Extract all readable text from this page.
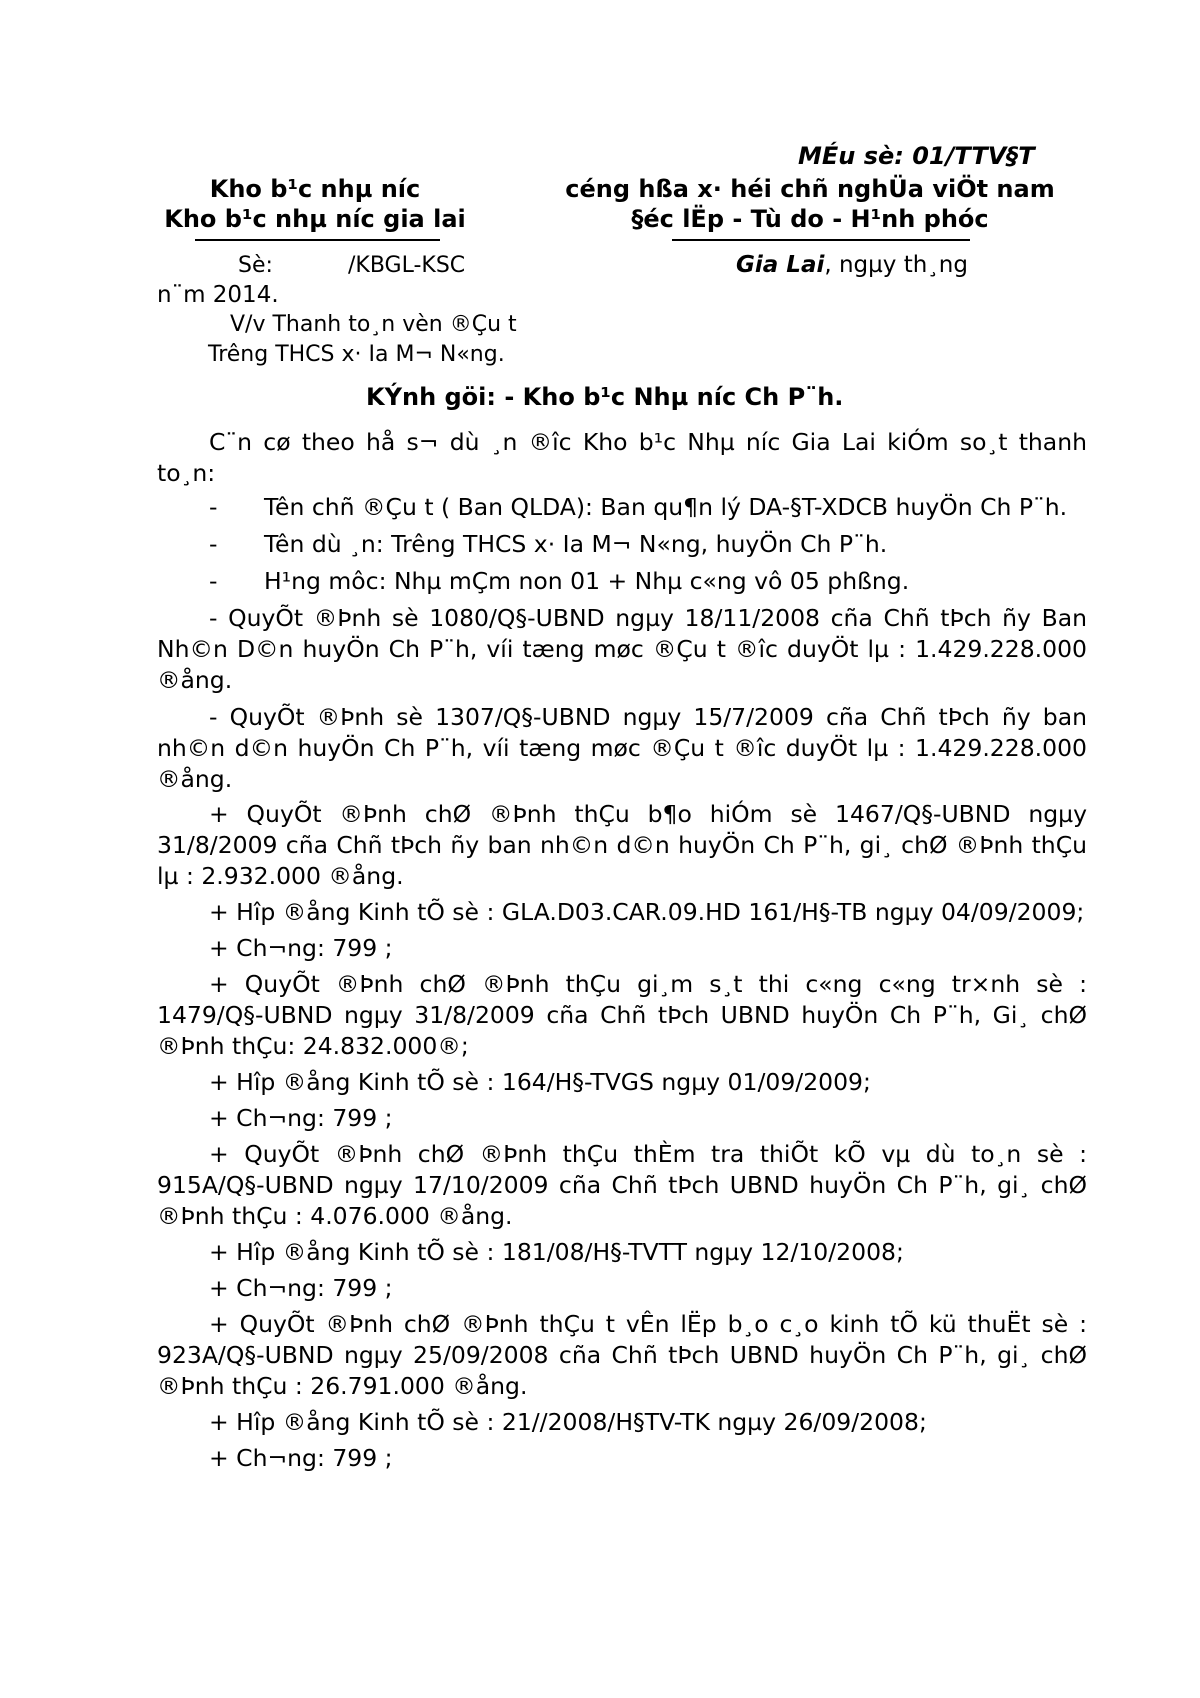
MÉu sè: 01/TTV§T
Kho b¹c nhµ níc
Kho b¹c nhµ níc gia lai
céng hßa x· héi chñ nghÜa viÖt nam
§éc lËp - Tù do - H¹nh phóc
Sè:	/KBGL-KSC	Gia Lai, ngµy th¸ng
n¨m 2014.
V/v Thanh to¸n vèn ®Çu t
Trêng THCS x· Ia M¬ N«ng.
KÝnh göi: - Kho b¹c Nhµ níc Ch P¨h.

C¨n cø theo hå s¬ dù ¸n ®îc Kho b¹c Nhµ níc Gia Lai kiÓm so¸t thanh to¸n:

-	Tên chñ ®Çu t ( Ban QLDA): Ban qu¶n lý DA-§T-XDCB huyÖn Ch P¨h.
-	Tên dù ¸n: Trêng THCS x· Ia M¬ N«ng, huyÖn Ch P¨h.
-	H¹ng môc: Nhµ mÇm non 01 + Nhµ c«ng vô 05 phßng.

- QuyÕt ®Þnh sè 1080/Q§-UBND ngµy 18/11/2008 cña Chñ tÞch ñy Ban Nh©n D©n huyÖn Ch P¨h, víi tæng møc ®Çu t ®îc duyÖt lµ : 1.429.228.000 ®ång.

- QuyÕt ®Þnh sè 1307/Q§-UBND ngµy 15/7/2009 cña Chñ tÞch ñy ban nh©n d©n huyÖn Ch P¨h, víi tæng møc ®Çu t ®îc duyÖt lµ : 1.429.228.000 ®ång.

+ QuyÕt ®Þnh chØ ®Þnh thÇu b¶o hiÓm sè 1467/Q§-UBND ngµy 31/8/2009 cña Chñ tÞch ñy ban nh©n d©n huyÖn Ch P¨h, gi¸ chØ ®Þnh thÇu lµ : 2.932.000 ®ång.

+ Hîp ®ång Kinh tÕ sè : GLA.D03.CAR.09.HD 161/H§-TB ngµy 04/09/2009;

+ Ch¬ng: 799 ;

+ QuyÕt ®Þnh chØ ®Þnh thÇu gi¸m s¸t thi c«ng c«ng tr×nh sè : 1479/Q§-UBND ngµy 31/8/2009 cña Chñ tÞch UBND huyÖn Ch P¨h, Gi¸ chØ ®Þnh thÇu: 24.832.000®;

+ Hîp ®ång Kinh tÕ sè : 164/H§-TVGS ngµy 01/09/2009;

+ Ch¬ng: 799 ;

+ QuyÕt ®Þnh chØ ®Þnh thÇu thÈm tra thiÕt kÕ vµ dù to¸n sè : 915A/Q§-UBND ngµy 17/10/2009 cña Chñ tÞch UBND huyÖn Ch P¨h, gi¸ chØ ®Þnh thÇu : 4.076.000 ®ång.

+ Hîp ®ång Kinh tÕ sè : 181/08/H§-TVTT ngµy 12/10/2008;

+ Ch¬ng: 799 ;

+ QuyÕt ®Þnh chØ ®Þnh thÇu t vÊn lËp b¸o c¸o kinh tÕ kü thuËt sè : 923A/Q§-UBND ngµy 25/09/2008 cña Chñ tÞch UBND huyÖn Ch P¨h, gi¸ chØ ®Þnh thÇu : 26.791.000 ®ång.

+ Hîp ®ång Kinh tÕ sè : 21//2008/H§TV-TK ngµy 26/09/2008;

+ Ch¬ng: 799 ;
